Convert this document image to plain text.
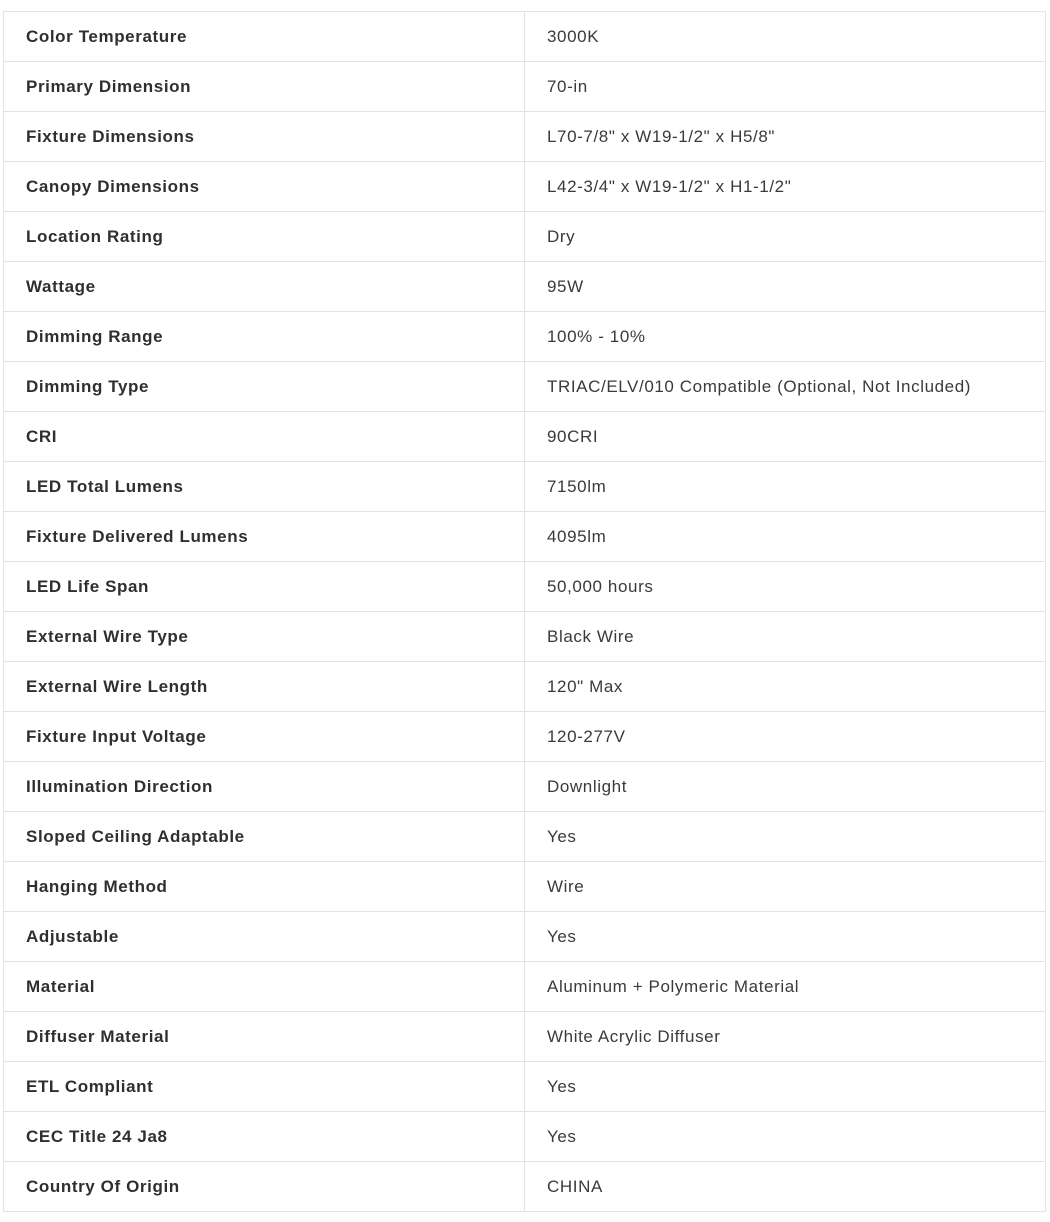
Color Temperature	3000K
Primary Dimension	70-in
Fixture Dimensions	L70-7/8" x W19-1/2" x H5/8"
Canopy Dimensions	L42-3/4" x W19-1/2" x H1-1/2"
Location Rating	Dry
Wattage	95W
Dimming Range	100% - 10%
Dimming Type	TRIAC/ELV/010 Compatible (Optional, Not Included)
CRI	90CRI
LED Total Lumens	7150lm
Fixture Delivered Lumens	4095lm
LED Life Span	50,000 hours
External Wire Type	Black Wire
External Wire Length	120" Max
Fixture Input Voltage	120-277V
Illumination Direction	Downlight
Sloped Ceiling Adaptable	Yes
Hanging Method	Wire
Adjustable	Yes
Material	Aluminum + Polymeric Material
Diffuser Material	White Acrylic Diffuser
ETL Compliant	Yes
CEC Title 24 Ja8	Yes
Country Of Origin	CHINA
